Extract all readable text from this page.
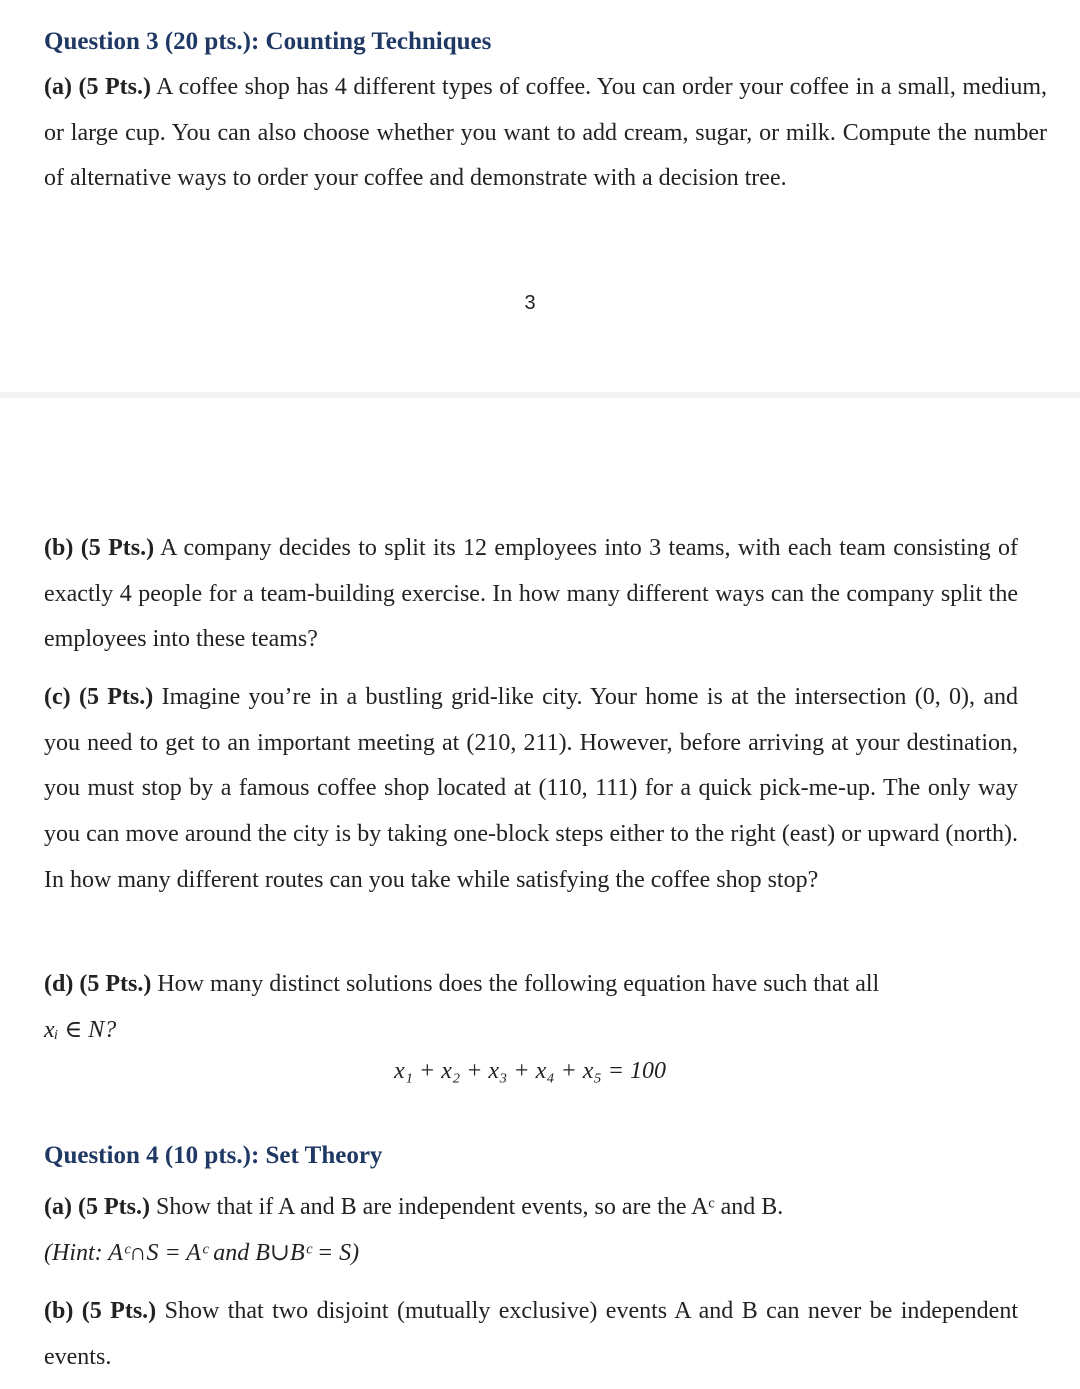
Question 3 (20 pts.): Counting Techniques

(a) (5 Pts.) A coffee shop has 4 different types of coffee. You can order your coffee in a small, medium, or large cup. You can also choose whether you want to add cream, sugar, or milk. Compute the number of alternative ways to order your coffee and demonstrate with a decision tree.

3

(b) (5 Pts.) A company decides to split its 12 employees into 3 teams, with each team consisting of exactly 4 people for a team-building exercise. In how many different ways can the company split the employees into these teams?

(c) (5 Pts.) Imagine you’re in a bustling grid-like city. Your home is at the intersection (0, 0), and you need to get to an important meeting at (210, 211). However, before arriving at your destination, you must stop by a famous coffee shop located at (110, 111) for a quick pick-me-up. The only way you can move around the city is by taking one-block steps either to the right (east) or upward (north). In how many different routes can you take while satisfying the coffee shop stop?

(d) (5 Pts.) How many distinct solutions does the following equation have such that all
xᵢ ∈ N?

x₁ + x₂ + x₃ + x₄ + x₅ = 100

Question 4 (10 pts.): Set Theory

(a) (5 Pts.) Show that if A and B are independent events, so are the Aᶜ and B.
(Hint: Aᶜ∩S = Aᶜ and B∪Bᶜ = S)

(b) (5 Pts.) Show that two disjoint (mutually exclusive) events A and B can never be independent events.
